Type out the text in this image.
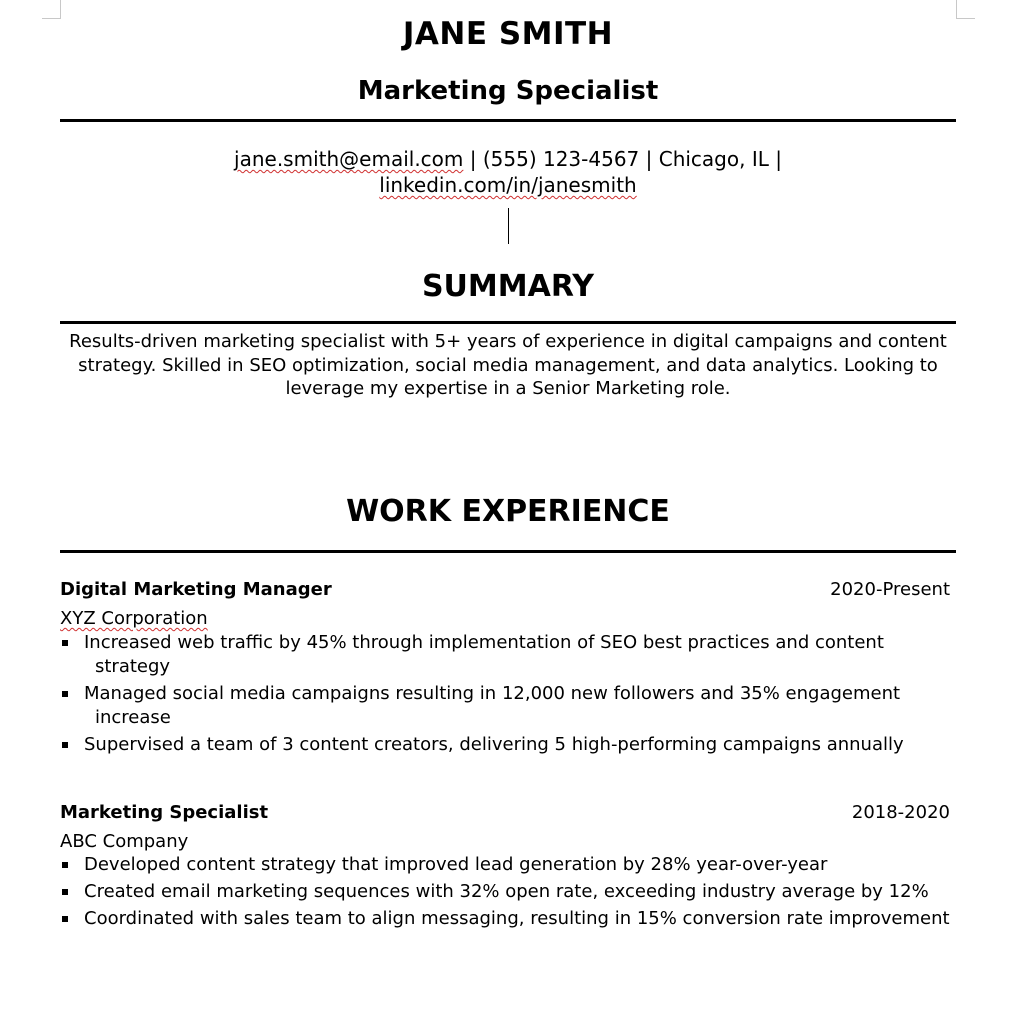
JANE SMITH
Marketing Specialist
jane.smith@email.com | (555) 123-4567 | Chicago, IL |
linkedin.com/in/janesmith
SUMMARY
Results-driven marketing specialist with 5+ years of experience in digital campaigns and content strategy. Skilled in SEO optimization, social media management, and data analytics. Looking to leverage my expertise in a Senior Marketing role.
WORK EXPERIENCE
Digital Marketing Manager	2020-Present
XYZ Corporation
Increased web traffic by 45% through implementation of SEO best practices and content strategy
Managed social media campaigns resulting in 12,000 new followers and 35% engagement increase
Supervised a team of 3 content creators, delivering 5 high-performing campaigns annually
Marketing Specialist	2018-2020
ABC Company
Developed content strategy that improved lead generation by 28% year-over-year
Created email marketing sequences with 32% open rate, exceeding industry average by 12%
Coordinated with sales team to align messaging, resulting in 15% conversion rate improvement
